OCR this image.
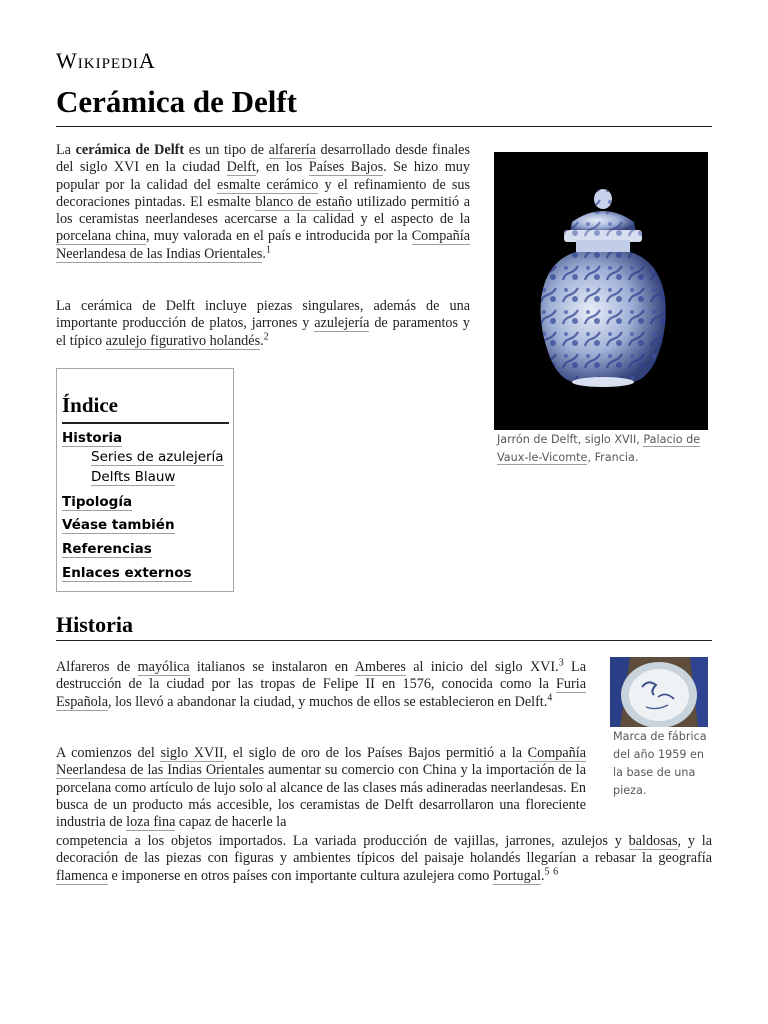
WikipediA
Cerámica de Delft

La cerámica de Delft es un tipo de alfarería desarrollado desde finales del siglo XVI en la ciudad Delft, en los Países Bajos. Se hizo muy popular por la calidad del esmalte cerámico y el refinamiento de sus decoraciones pintadas. El esmalte blanco de estaño utilizado permitió a los ceramistas neerlandeses acercarse a la calidad y el aspecto de la porcelana china, muy valorada en el país e introducida por la Compañía Neerlandesa de las Indias Orientales.$^1$

La cerámica de Delft incluye piezas singulares, además de una importante producción de platos, jarrones y azulejería de paramentos y el típico azulejo figurativo holandés.$^2$

Jarrón de Delft, siglo XVII, Palacio de Vaux-le-Vicomte, Francia.

Índice
Historia
Series de azulejería
Delfts Blauw
Tipología
Véase también
Referencias
Enlaces externos
Historia

Alfareros de mayólica italianos se instalaron en Amberes al inicio del siglo XVI.$^3$ La destrucción de la ciudad por las tropas de Felipe II en 1576, conocida como la Furia Española, los llevó a abandonar la ciudad, y muchos de ellos se establecieron en Delft.$^4$

A comienzos del siglo XVII, el siglo de oro de los Países Bajos permitió a la Compañía Neerlandesa de las Indias Orientales aumentar su comercio con China y la importación de la porcelana como artículo de lujo solo al alcance de las clases más adineradas neerlandesas. En busca de un producto más accesible, los ceramistas de Delft desarrollaron una floreciente industria de loza fina capaz de hacerle la

competencia a los objetos importados. La variada producción de vajillas, jarrones, azulejos y baldosas, y la decoración de las piezas con figuras y ambientes típicos del paisaje holandés llegarían a rebasar la geografía flamenca e imponerse en otros países con importante cultura azulejera como Portugal.$^5$ $^6$

Marca de fábrica del año 1959 en la base de una pieza.
